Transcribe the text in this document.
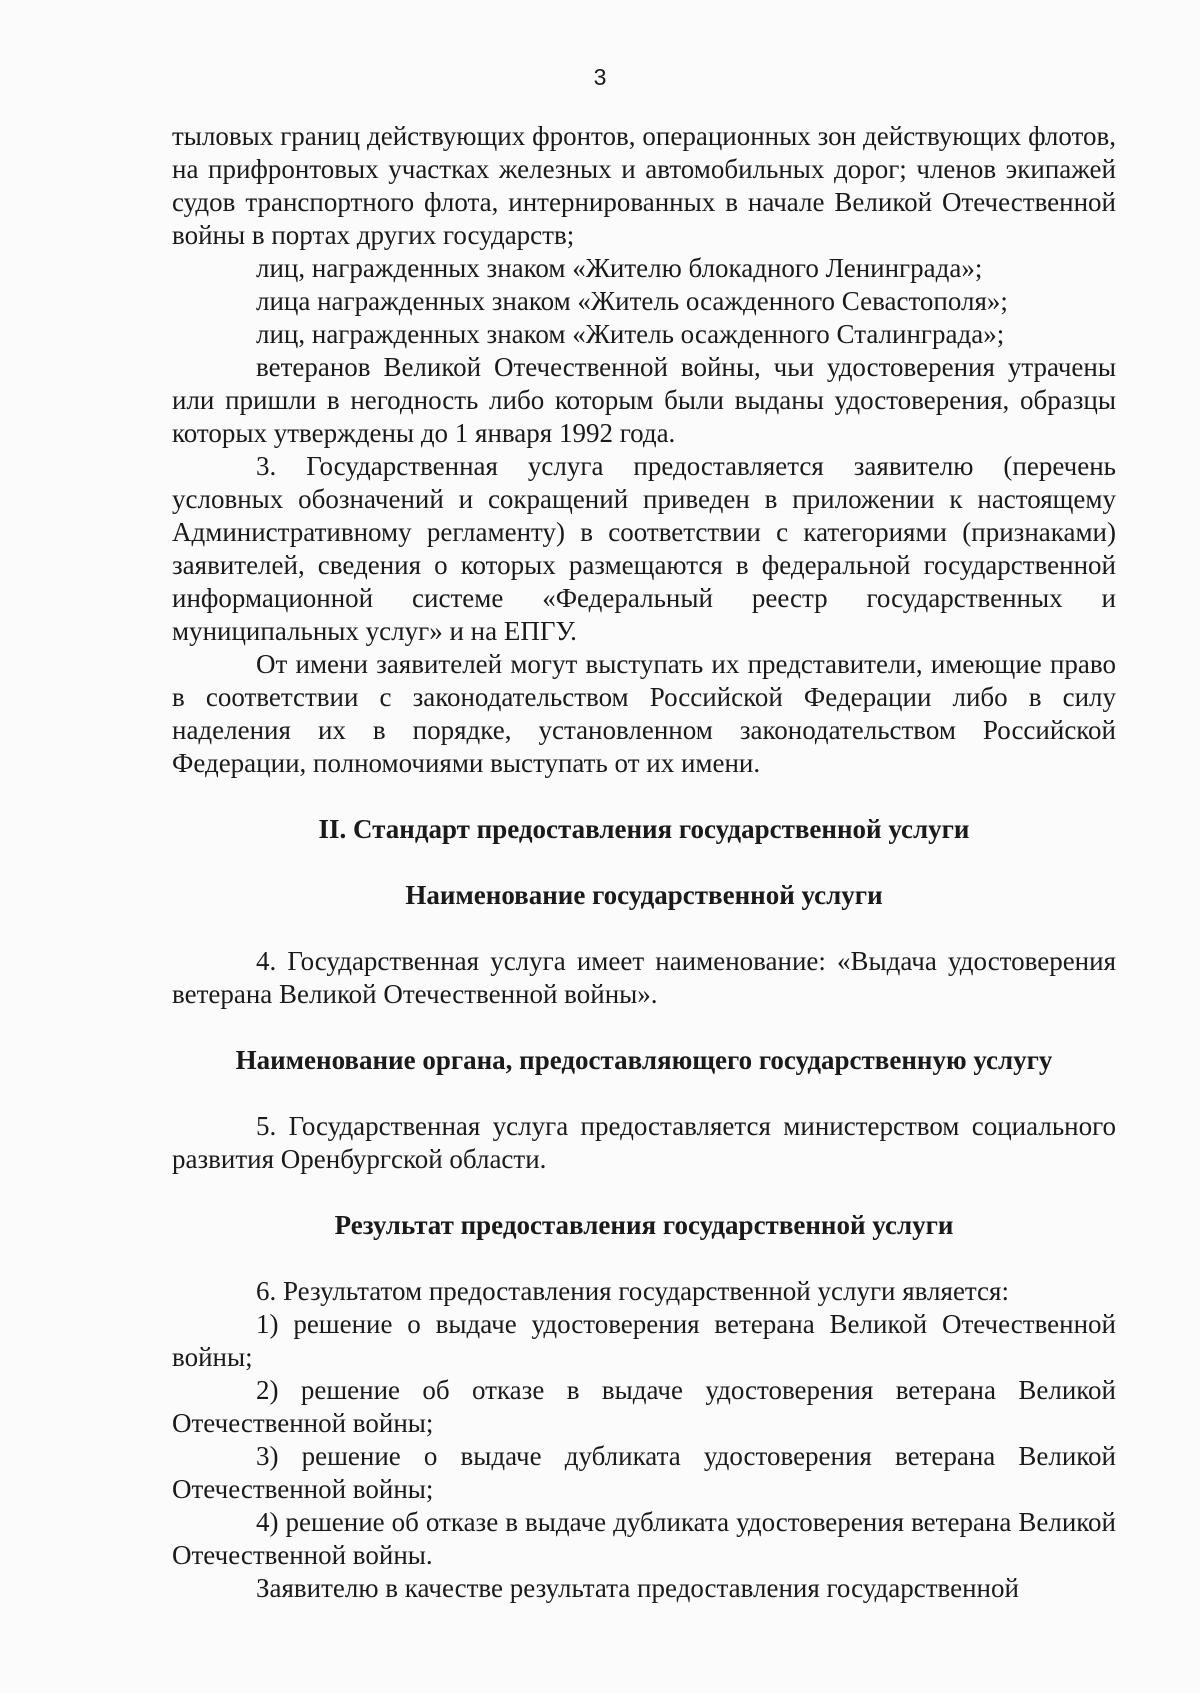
3

тыловых границ действующих фронтов, операционных зон действующих флотов, на прифронтовых участках железных и автомобильных дорог; членов экипажей судов транспортного флота, интернированных в начале Великой Отечественной войны в портах других государств;

лиц, награжденных знаком «Жителю блокадного Ленинграда»;

лица награжденных знаком «Житель осажденного Севастополя»;

лиц, награжденных знаком «Житель осажденного Сталинграда»;

ветеранов Великой Отечественной войны, чьи удостоверения утрачены или пришли в негодность либо которым были выданы удостоверения, образцы которых утверждены до 1 января 1992 года.

3. Государственная услуга предоставляется заявителю (перечень условных обозначений и сокращений приведен в приложении к настоящему Административному регламенту) в соответствии с категориями (признаками) заявителей, сведения о которых размещаются в федеральной государственной информационной системе «Федеральный реестр государственных и муниципальных услуг» и на ЕПГУ.

От имени заявителей могут выступать их представители, имеющие право в соответствии с законодательством Российской Федерации либо в силу наделения их в порядке, установленном законодательством Российской Федерации, полномочиями выступать от их имени.

II. Стандарт предоставления государственной услуги
Наименование государственной услуги

4. Государственная услуга имеет наименование: «Выдача удостоверения ветерана Великой Отечественной войны».

Наименование органа, предоставляющего государственную услугу

5. Государственная услуга предоставляется министерством социального развития Оренбургской области.

Результат предоставления государственной услуги

6. Результатом предоставления государственной услуги является:

1) решение о выдаче удостоверения ветерана Великой Отечественной войны;

2) решение об отказе в выдаче удостоверения ветерана Великой Отечественной войны;

3) решение о выдаче дубликата удостоверения ветерана Великой Отечественной войны;

4) решение об отказе в выдаче дубликата удостоверения ветерана Великой Отечественной войны.

Заявителю в качестве результата предоставления государственной
